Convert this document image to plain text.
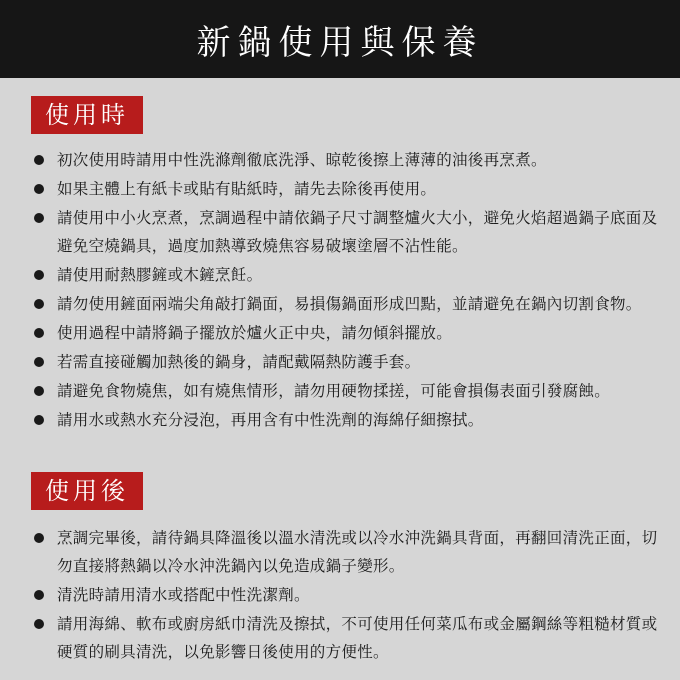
新鍋使用與保養
使用時
初次使用時請用中性洗滌劑徹底洗淨、晾乾後擦上薄薄的油後再烹煮。
如果主體上有紙卡或貼有貼紙時，請先去除後再使用。
請使用中小火烹煮，烹調過程中請依鍋子尺寸調整爐火大小，避免火焰超過鍋子底面及避免空燒鍋具，過度加熱導致燒焦容易破壞塗層不沾性能。
請使用耐熱膠鏟或木鏟烹飪。
請勿使用鏟面兩端尖角敲打鍋面，易損傷鍋面形成凹點，並請避免在鍋內切割食物。
使用過程中請將鍋子擺放於爐火正中央，請勿傾斜擺放。
若需直接碰觸加熱後的鍋身，請配戴隔熱防護手套。
請避免食物燒焦，如有燒焦情形，請勿用硬物揉搓，可能會損傷表面引發腐蝕。
請用水或熱水充分浸泡，再用含有中性洗劑的海綿仔細擦拭。
使用後
烹調完畢後，請待鍋具降溫後以溫水清洗或以冷水沖洗鍋具背面，再翻回清洗正面，切勿直接將熱鍋以冷水沖洗鍋內以免造成鍋子變形。
清洗時請用清水或搭配中性洗潔劑。
請用海綿、軟布或廚房紙巾清洗及擦拭，不可使用任何菜瓜布或金屬鋼絲等粗糙材質或硬質的刷具清洗，以免影響日後使用的方便性。
